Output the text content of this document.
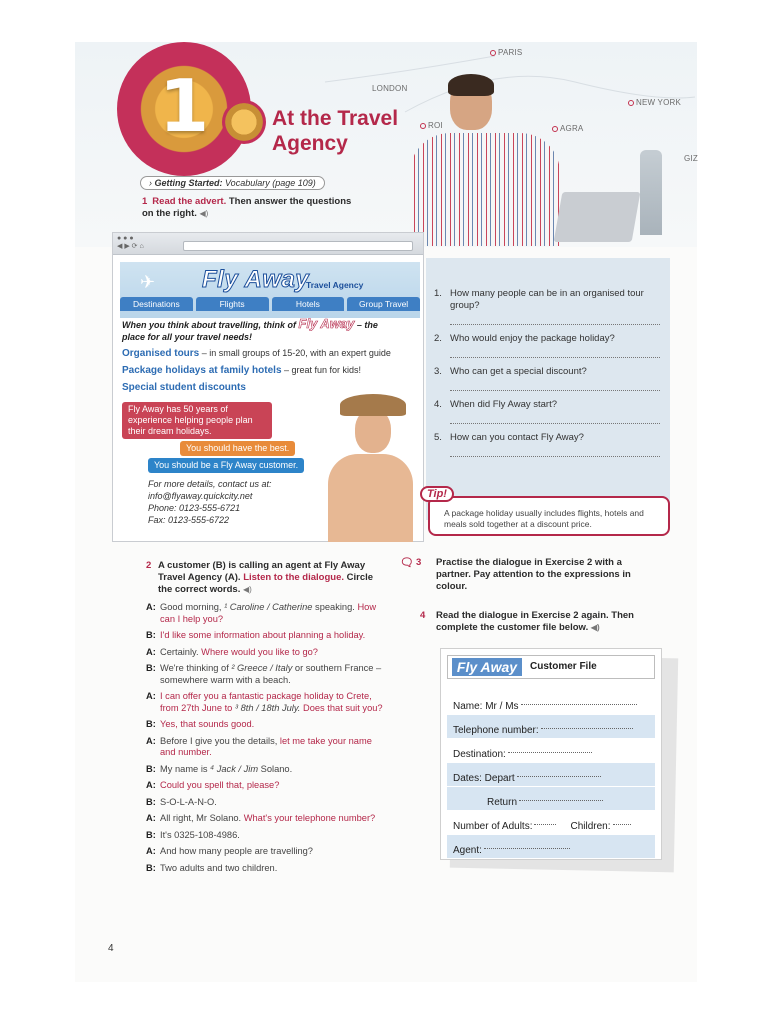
PARIS
LONDON
NEW YORK
ROI	AGRA
GIZ
1	At the Travel
Agency
› Getting Started: Vocabulary (page 109)
1 Read the advert. Then answer the questions on the right. ◀)
● ● ●
◀ ▶ ⟳ ⌂
✈ Fly Away
Travel Agency
Destinations	Flights	Hotels	Group Travel
When you think about travelling, think of Fly Away – the place for all your travel needs!
Organised tours – in small groups of 15-20, with an expert guide
Package holidays at family hotels – great fun for kids!
Special student discounts
Fly Away has 50 years of experience helping people plan their dream holidays.
You should have the best.
You should be a Fly Away customer.
For more details, contact us at:
info@flyaway.quickcity.net
Phone: 0123-555-6721
Fax: 0123-555-6722
1. How many people can be in an organised tour group?
2. Who would enjoy the package holiday?
3. Who can get a special discount?
4. When did Fly Away start?
5. How can you contact Fly Away?
A package holiday usually includes flights, hotels and meals sold together at a discount price.
Tip!
2 A customer (B) is calling an agent at Fly Away Travel Agency (A). Listen to the dialogue. Circle the correct words. ◀)
A: Good morning, ¹ Caroline / Catherine speaking. How can I help you?
B: I'd like some information about planning a holiday.
A: Certainly. Where would you like to go?
B: We're thinking of ² Greece / Italy or southern France – somewhere warm with a beach.
A: I can offer you a fantastic package holiday to Crete, from 27th June to ³ 8th / 18th July. Does that suit you?
B: Yes, that sounds good.
A: Before I give you the details, let me take your name and number.
B: My name is ⁴ Jack / Jim Solano.
A: Could you spell that, please?
B: S-O-L-A-N-O.
A: All right, Mr Solano. What's your telephone number?
B: It's 0325-108-4986.
A: And how many people are travelling?
B: Two adults and two children.
🗨 3	Practise the dialogue in Exercise 2 with a partner. Pay attention to the expressions in colour.
4	Read the dialogue in Exercise 2 again. Then complete the customer file below. ◀)
Fly Away	Customer File
Name: Mr / Ms
Telephone number:
Destination:
Dates: Depart
Return
Number of Adults:	Children:
Agent:
4
